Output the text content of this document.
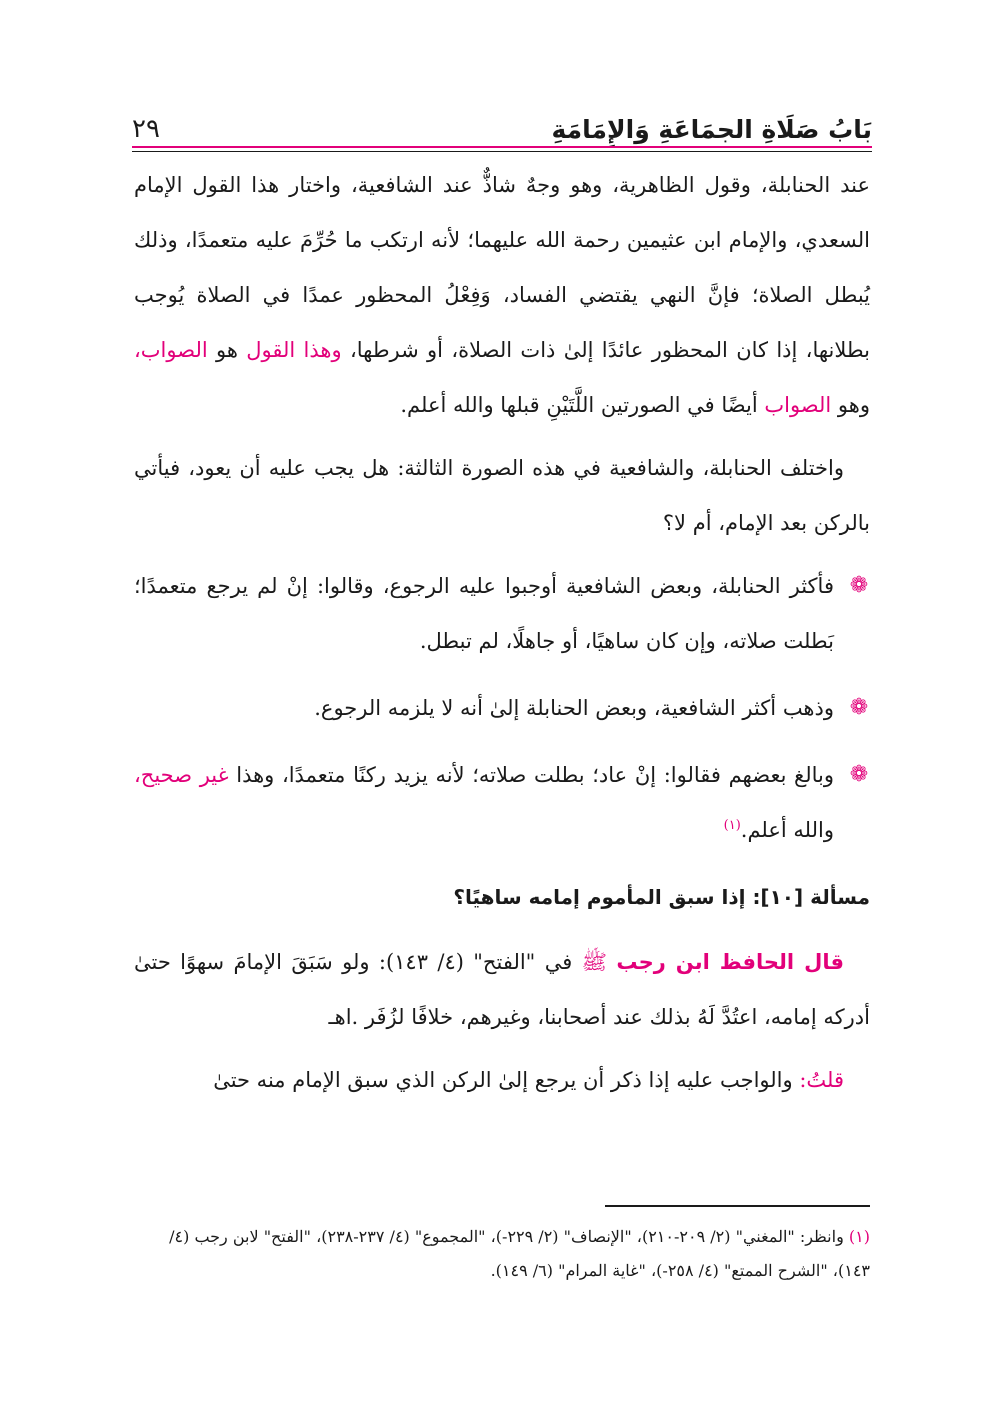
بَابُ صَلَاةِ الجمَاعَةِ وَالإِمَامَةِ
٢٩

عند الحنابلة، وقول الظاهرية، وهو وجهٌ شاذٌّ عند الشافعية، واختار هذا القول الإمام السعدي، والإمام ابن عثيمين رحمة الله عليهما؛ لأنه ارتكب ما حُرِّمَ عليه متعمدًا، وذلك يُبطل الصلاة؛ فإنَّ النهي يقتضي الفساد، وَفِعْلُ المحظور عمدًا في الصلاة يُوجب بطلانها، إذا كان المحظور عائدًا إلىٰ ذات الصلاة، أو شرطها، وهذا القول هو الصواب، وهو الصواب أيضًا في الصورتين اللَّتَيْنِ قبلها والله أعلم.

واختلف الحنابلة، والشافعية في هذه الصورة الثالثة: هل يجب عليه أن يعود، فيأتي بالركن بعد الإمام، أم لا؟

❁
فأكثر الحنابلة، وبعض الشافعية أوجبوا عليه الرجوع، وقالوا: إنْ لم يرجع متعمدًا؛ بَطلت صلاته، وإن كان ساهيًا، أو جاهلًا، لم تبطل.
❁
وذهب أكثر الشافعية، وبعض الحنابلة إلىٰ أنه لا يلزمه الرجوع.
❁
وبالغ بعضهم فقالوا: إنْ عاد؛ بطلت صلاته؛ لأنه يزيد ركنًا متعمدًا، وهذا غير صحيح، والله أعلم.$^{(١)}$
مسألة [١٠]: إذا سبق المأموم إمامه ساهيًا؟

قال الحافظ ابن رجب ﷺ في "الفتح" (٤/ ١٤٣): ولو سَبَقَ الإمامَ سهوًا حتىٰ أدركه إمامه، اعتُدَّ لَهُ بذلك عند أصحابنا، وغيرهم، خلافًا لزُفَر .اهـ

قلتُ: والواجب عليه إذا ذكر أن يرجع إلىٰ الركن الذي سبق الإمام منه حتىٰ

(١) وانظر: "المغني" (٢/ ٢٠٩-٢١٠)، "الإنصاف" (٢/ ٢٢٩-)، "المجموع" (٤/ ٢٣٧-٢٣٨)، "الفتح" لابن رجب (٤/ ١٤٣)، "الشرح الممتع" (٤/ ٢٥٨-)، "غاية المرام" (٦/ ١٤٩).
